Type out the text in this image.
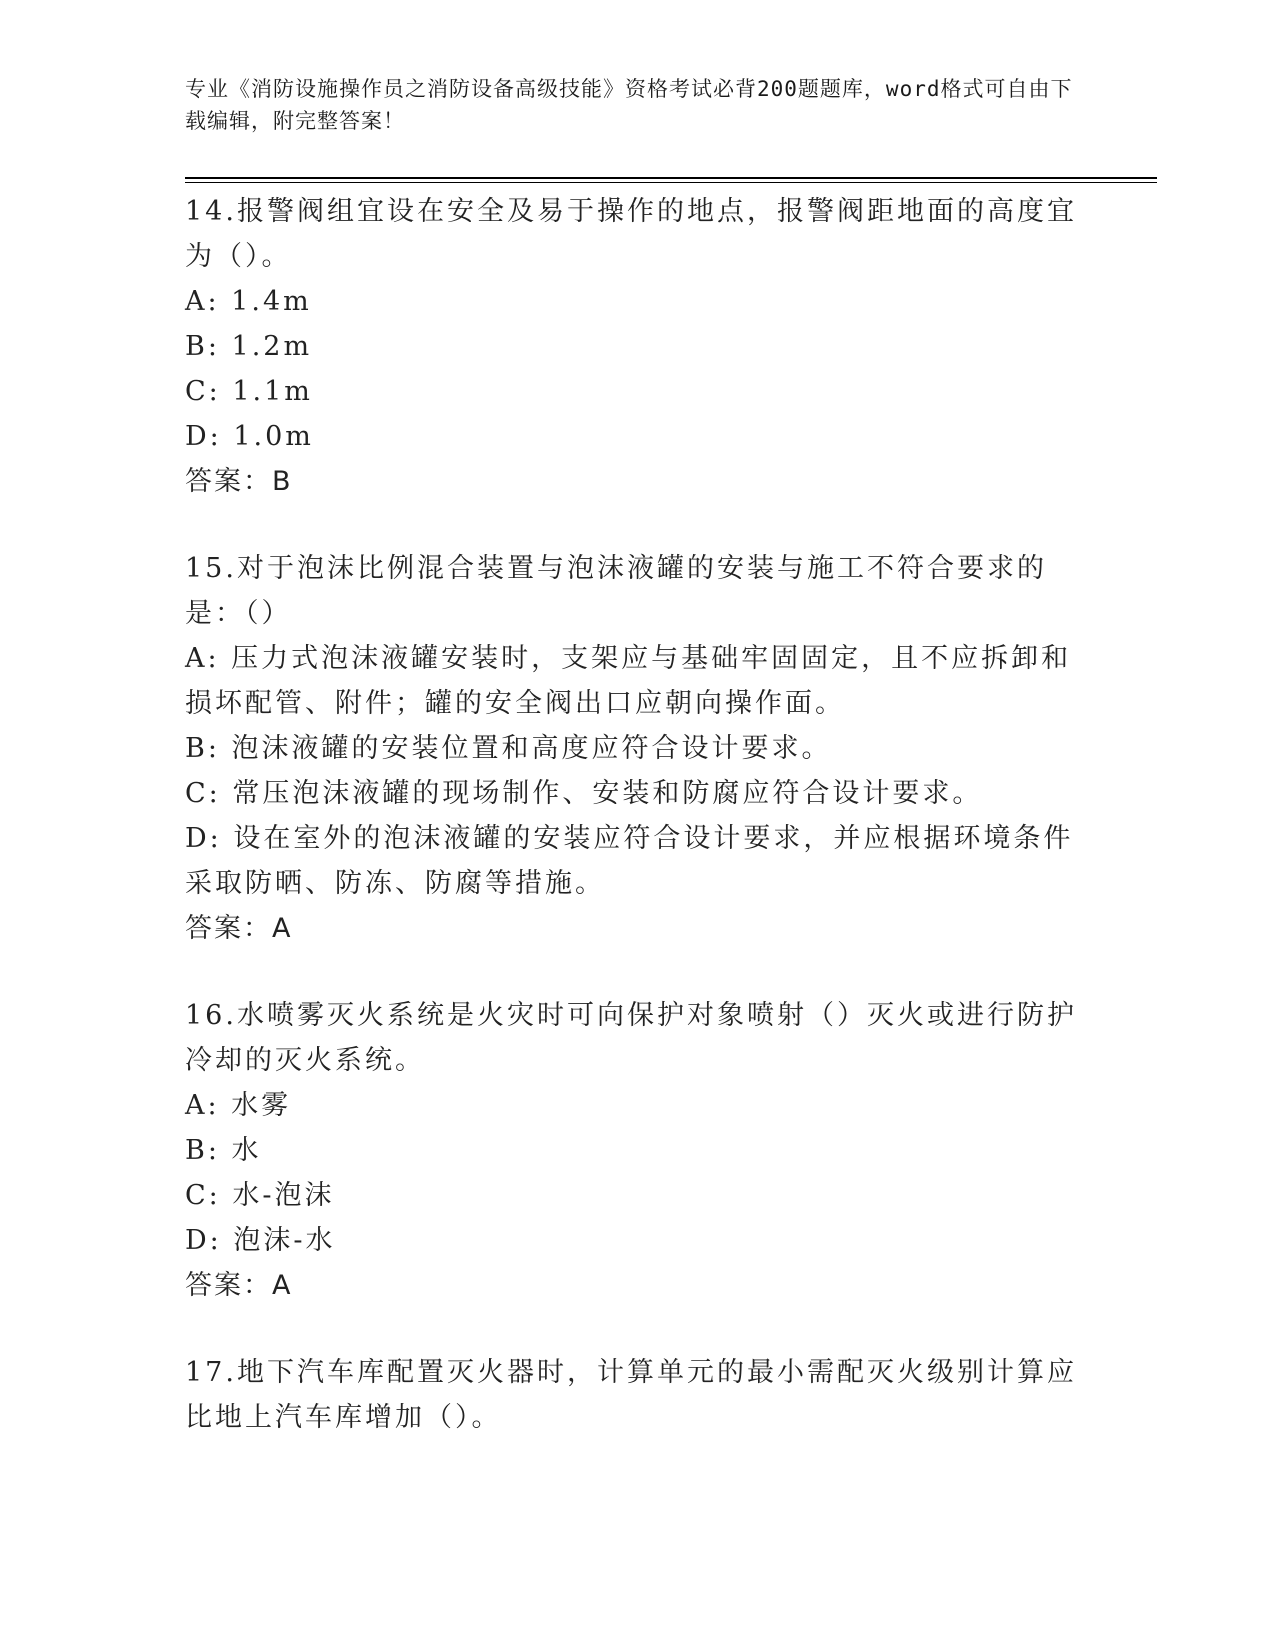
专业《消防设施操作员之消防设备高级技能》资格考试必背200题题库，word格式可自由下载编辑，附完整答案！

14.报警阀组宜设在安全及易于操作的地点，报警阀距地面的高度宜为（）。

A: 1.4m

B: 1.2m

C: 1.1m

D: 1.0m

答案：B

15.对于泡沫比例混合装置与泡沫液罐的安装与施工不符合要求的是：（）

A: 压力式泡沫液罐安装时，支架应与基础牢固固定，且不应拆卸和损坏配管、附件；罐的安全阀出口应朝向操作面。

B: 泡沫液罐的安装位置和高度应符合设计要求。

C: 常压泡沫液罐的现场制作、安装和防腐应符合设计要求。

D: 设在室外的泡沫液罐的安装应符合设计要求，并应根据环境条件采取防晒、防冻、防腐等措施。

答案：A

16.水喷雾灭火系统是火灾时可向保护对象喷射（）灭火或进行防护冷却的灭火系统。

A: 水雾

B: 水

C: 水-泡沫

D: 泡沫-水

答案：A

17.地下汽车库配置灭火器时，计算单元的最小需配灭火级别计算应比地上汽车库增加（）。
